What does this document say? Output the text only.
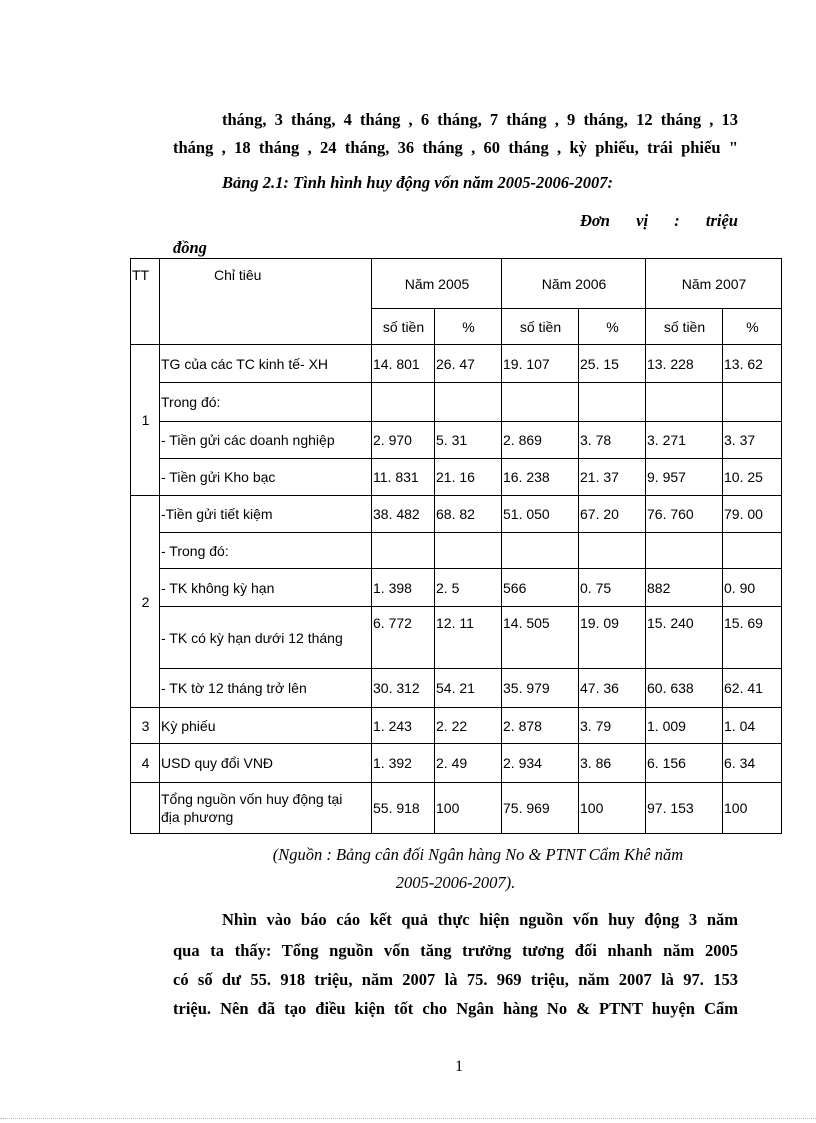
tháng, 3 tháng, 4 tháng , 6 tháng, 7 tháng , 9 tháng, 12 tháng , 13
tháng , 18 tháng , 24 tháng, 36 tháng , 60 tháng , kỳ phiếu, trái phiếu "
Bảng 2.1: Tình hình huy động vốn năm 2005-2006-2007:
Đơn vị : triệu
đồng
TT	Chỉ tiêu	Năm 2005		Năm 2006		Năm 2007	
		số tiền	%	số tiền	%	số tiền	%
1	TG của các TC kinh tế- XH	14. 801	26. 47	19. 107	25. 15	13. 228	13. 62
	Trong đó:						
	- Tiền gửi các doanh nghiệp	2. 970	5. 31	2. 869	3. 78	3. 271	3. 37
	- Tiền gửi Kho bạc	11. 831	21. 16	16. 238	21. 37	9. 957	10. 25
2	-Tiền gửi tiết kiệm	38. 482	68. 82	51. 050	67. 20	76. 760	79. 00
	- Trong đó:						
	- TK không kỳ hạn	1. 398	2. 5	566	0. 75	882	0. 90
	- TK có kỳ hạn dưới 12 tháng	6. 772	12. 11	14. 505	19. 09	15. 240	15. 69
	- TK tờ 12 tháng trở lên	30. 312	54. 21	35. 979	47. 36	60. 638	62. 41
3	Kỳ phiếu	1. 243	2. 22	2. 878	3. 79	1. 009	1. 04
4	USD quy đổi VNĐ	1. 392	2. 49	2. 934	3. 86	6. 156	6. 34

	Tổng nguồn vốn huy động tại địa phương	55. 918	100	75. 969	100	97. 153	100
(Nguồn : Bảng cân đối Ngân hàng No & PTNT Cẩm Khê năm
2005-2006-2007).
Nhìn vào báo cáo kết quả thực hiện nguồn vốn huy động 3 năm
qua ta thấy: Tổng nguồn vốn tăng trưởng tương đối nhanh năm 2005
có số dư 55. 918 triệu, năm 2007 là 75. 969 triệu, năm 2007 là 97. 153
triệu. Nên đã tạo điều kiện tốt cho Ngân hàng No & PTNT huyện Cẩm
1
